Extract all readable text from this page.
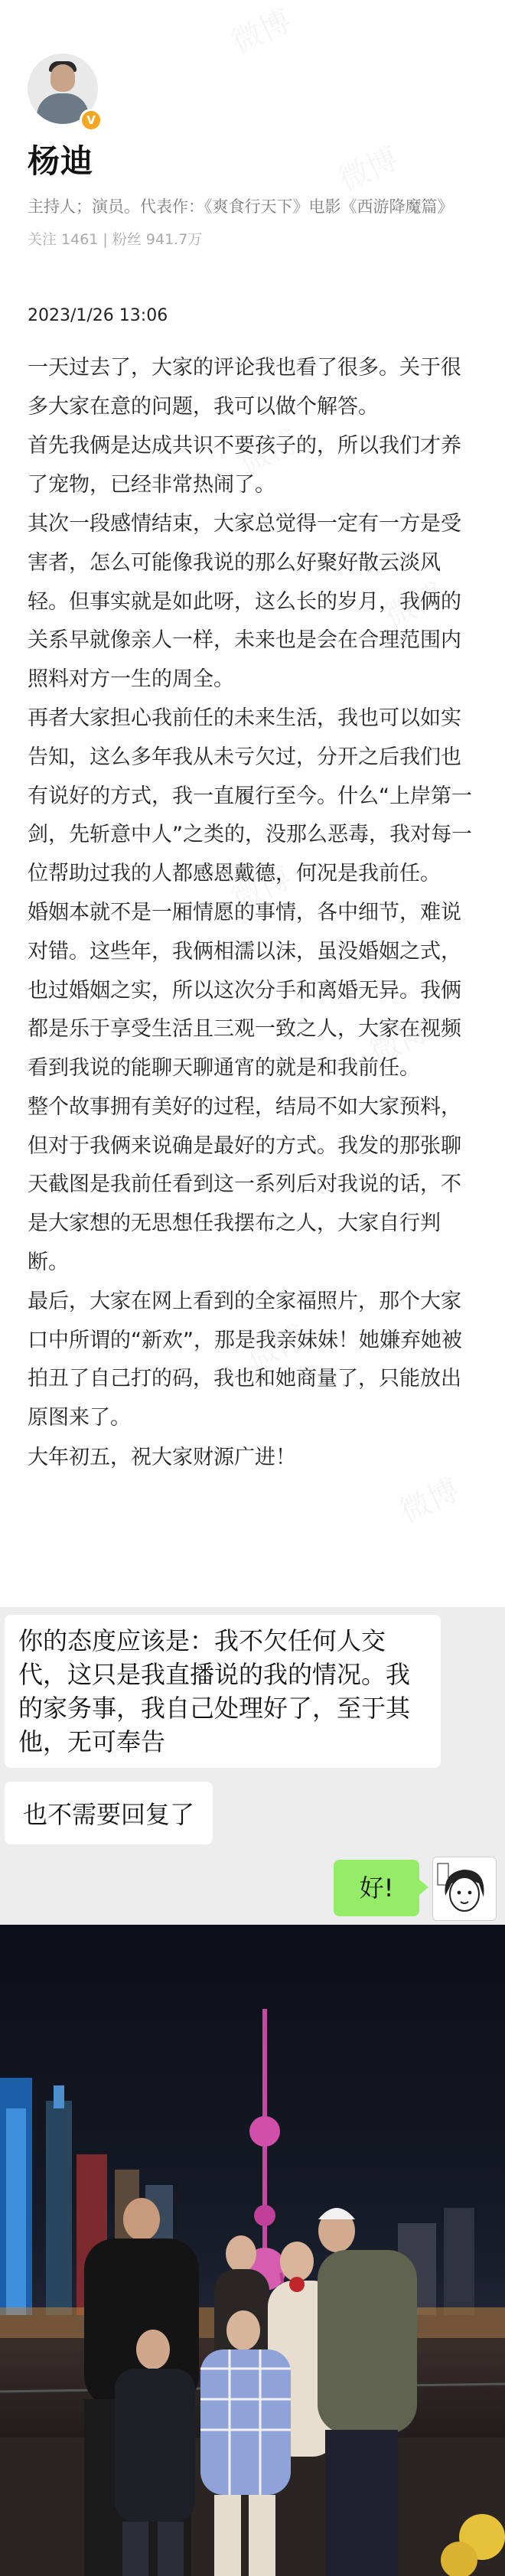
V
杨迪
主持人；演员。代表作：《爽食行天下》电影《西游降魔篇》
关注 1461 | 粉丝 941.7万
2023/1/26 13:06

一天过去了，大家的评论我也看了很多。关于很多大家在意的问题，我可以做个解答。

首先我俩是达成共识不要孩子的，所以我们才养了宠物，已经非常热闹了。

其次一段感情结束，大家总觉得一定有一方是受害者，怎么可能像我说的那么好聚好散云淡风轻。但事实就是如此呀，这么长的岁月，我俩的关系早就像亲人一样，未来也是会在合理范围内照料对方一生的周全。

再者大家担心我前任的未来生活，我也可以如实告知，这么多年我从未亏欠过，分开之后我们也有说好的方式，我一直履行至今。什么“上岸第一剑，先斩意中人”之类的，没那么恶毒，我对每一位帮助过我的人都感恩戴德，何况是我前任。

婚姻本就不是一厢情愿的事情，各中细节，难说对错。这些年，我俩相濡以沫，虽没婚姻之式，也过婚姻之实，所以这次分手和离婚无异。我俩都是乐于享受生活且三观一致之人，大家在视频看到我说的能聊天聊通宵的就是和我前任。

整个故事拥有美好的过程，结局不如大家预料，但对于我俩来说确是最好的方式。我发的那张聊天截图是我前任看到这一系列后对我说的话，不是大家想的无思想任我摆布之人，大家自行判断。

最后，大家在网上看到的全家福照片，那个大家口中所谓的“新欢”，那是我亲妹妹！她嫌弃她被拍丑了自己打的码，我也和她商量了，只能放出原图来了。

大年初五，祝大家财源广进！

你的态度应该是：我不欠任何人交代，这只是我直播说的我的情况。我的家务事，我自己处理好了，至于其他，无可奉告
也不需要回复了
好!
